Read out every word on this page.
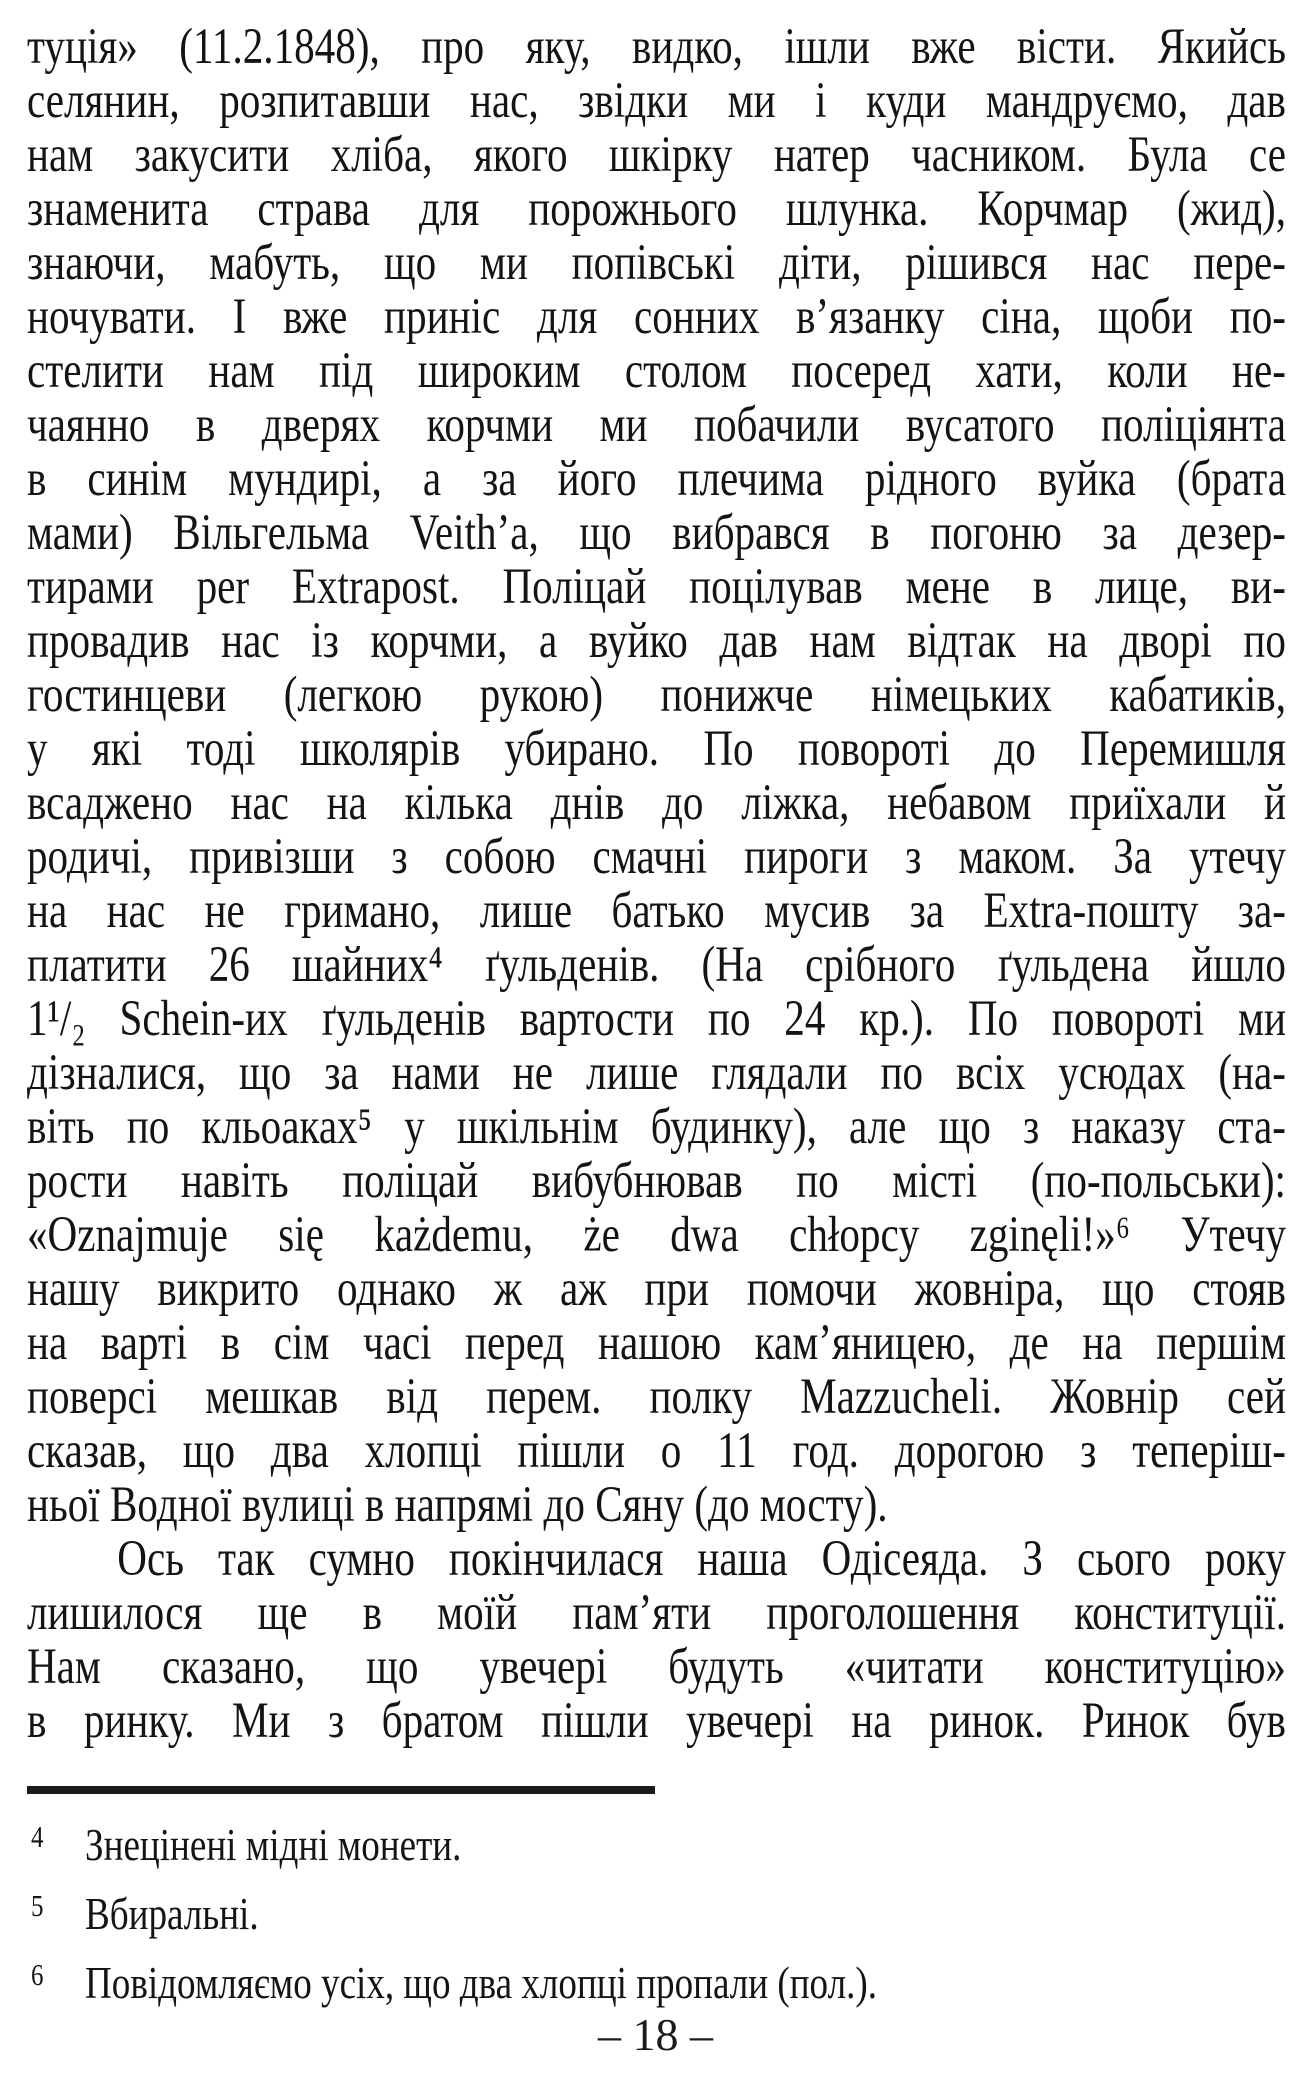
туція» (11.2.1848), про яку, видко, ішли вже вісти. Якийсь
селянин, розпитавши нас, звідки ми і куди мандруємо, дав
нам закусити хліба, якого шкірку натер часником. Була се
знаменита страва для порожнього шлунка. Корчмар (жид),
знаючи, мабуть, що ми попівські діти, рішився нас пере-
ночувати. І вже приніс для сонних в’язанку сіна, щоби по-
стелити нам під широким столом посеред хати, коли не-
чаянно в дверях корчми ми побачили вусатого поліціянта
в синім мундирі, а за його плечима рідного вуйка (брата
мами) Вільгельма Veith’а, що вибрався в погоню за дезер-
тирами per Extrapost. Поліцай поцілував мене в лице, ви-
провадив нас із корчми, а вуйко дав нам відтак на дворі по
гостинцеви (легкою рукою) понижче німецьких кабатиків,
у які тоді школярів убирано. По повороті до Перемишля
всаджено нас на кілька днів до ліжка, небавом приїхали й
родичі, привізши з собою смачні пироги з маком. За утечу
на нас не гримано, лише батько мусив за Extra-пошту за-
платити 26 шайних⁴ ґульденів. (На срібного ґульдена йшло
1¹/₂ Schein-их ґульденів вартости по 24 кр.). По повороті ми
дізналися, що за нами не лише глядали по всіх усюдах (на-
віть по кльоаках⁵ у шкільнім будинку), але що з наказу ста-
рости навіть поліцай вибубнював по місті (по-польськи):
«Oznajmuje się każdemu, że dwa chłopcy zginęli!»⁶ Утечу
нашу викрито однако ж аж при помочи жовніра, що стояв
на варті в сім часі перед нашою кам’яницею, де на першім
поверсі мешкав від перем. полку Mazzucheli. Жовнір сей
сказав, що два хлопці пішли о 11 год. дорогою з теперіш-
ньої Водної вулиці в напрямі до Сяну (до мосту).
Ось так сумно покінчилася наша Одісеяда. З сього року
лишилося ще в моїй пам’яти проголошення конституції.
Нам сказано, що увечері будуть «читати конституцію»
в ринку. Ми з братом пішли увечері на ринок. Ринок був
4 Знецінені мідні монети.
5 Вбиральні.
6 Повідомляємо усіх, що два хлопці пропали (пол.).
– 18 –
